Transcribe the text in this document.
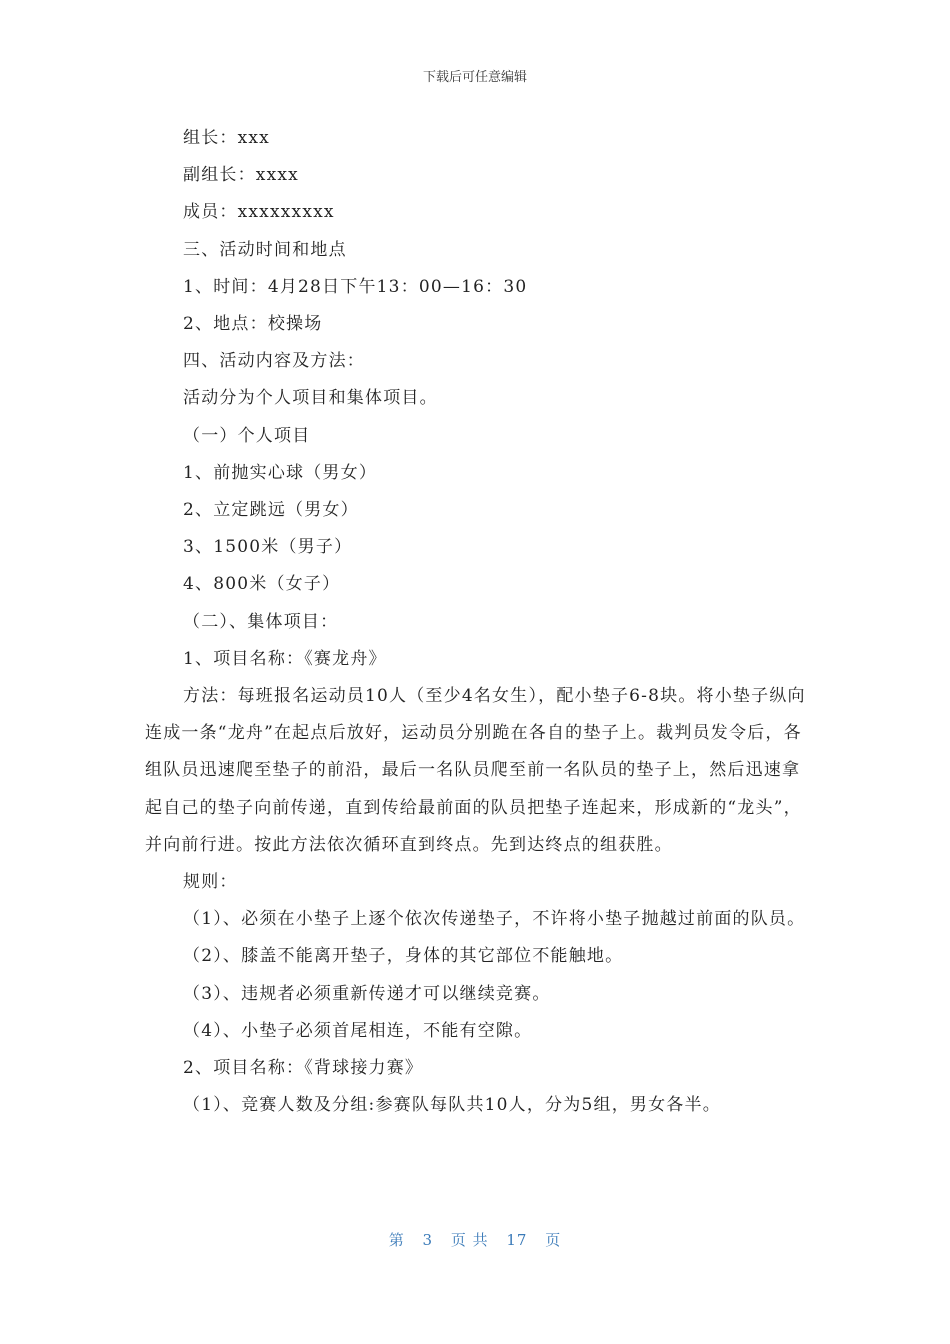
下载后可任意编辑

组长：xxx

副组长：xxxx

成员：xxxxxxxxx

三、活动时间和地点

1、时间：4月28日下午13：00—16：30

2、地点：校操场

四、活动内容及方法：

活动分为个人项目和集体项目。

（一）个人项目

1、前抛实心球（男女）

2、立定跳远（男女）

3、1500米（男子）

4、800米（女子）

（二）、集体项目：

1、项目名称：《赛龙舟》

方法：每班报名运动员10人（至少4名女生），配小垫子6-8块。将小垫子纵向连成一条“龙舟”在起点后放好，运动员分别跪在各自的垫子上。裁判员发令后，各组队员迅速爬至垫子的前沿，最后一名队员爬至前一名队员的垫子上，然后迅速拿起自己的垫子向前传递，直到传给最前面的队员把垫子连起来，形成新的“龙头”，并向前行进。按此方法依次循环直到终点。先到达终点的组获胜。

规则：

（1）、必须在小垫子上逐个依次传递垫子，不许将小垫子抛越过前面的队员。

（2）、膝盖不能离开垫子，身体的其它部位不能触地。

（3）、违规者必须重新传递才可以继续竞赛。

（4）、小垫子必须首尾相连，不能有空隙。

2、项目名称：《背球接力赛》

（1）、竞赛人数及分组:参赛队每队共10人，分为5组，男女各半。

第 3 页 共 17 页
